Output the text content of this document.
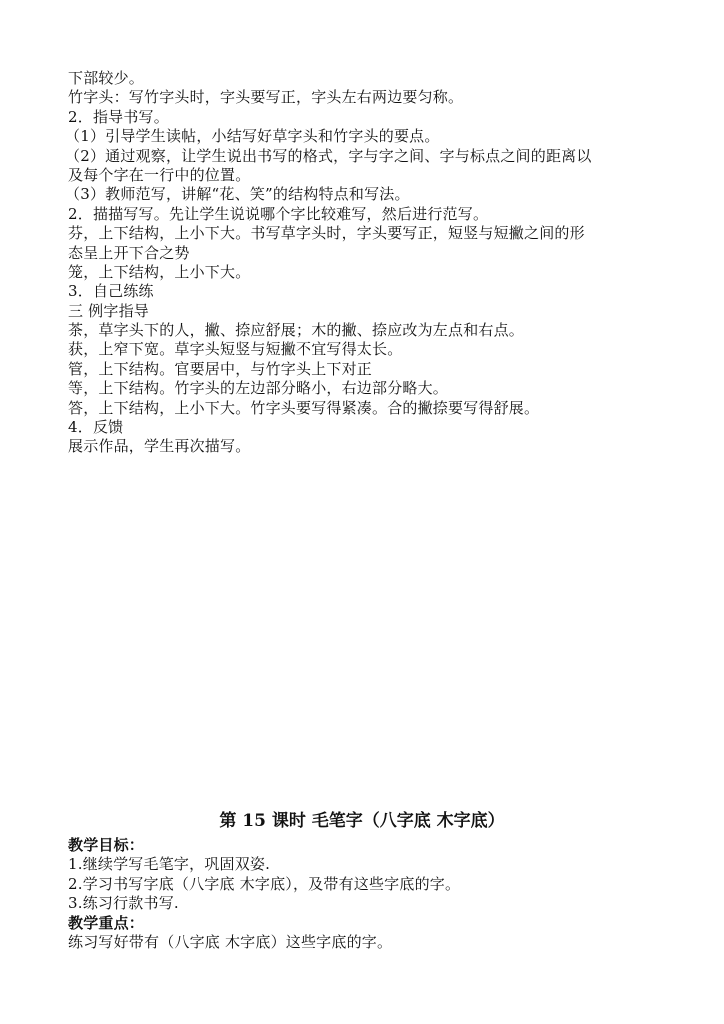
下部较少。
竹字头：写竹字头时，字头要写正，字头左右两边要匀称。
2．指导书写。
（1）引导学生读帖，小结写好草字头和竹字头的要点。
（2）通过观察，让学生说出书写的格式，字与字之间、字与标点之间的距离以
及每个字在一行中的位置。
（3）教师范写，讲解“花、笑”的结构特点和写法。
2．描描写写。先让学生说说哪个字比较难写，然后进行范写。
芬，上下结构，上小下大。书写草字头时，字头要写正，短竖与短撇之间的形
态呈上开下合之势
笼，上下结构，上小下大。
3．自己练练
三 例字指导
茶，草字头下的人，撇、捺应舒展；木的撇、捺应改为左点和右点。
获，上窄下宽。草字头短竖与短撇不宜写得太长。
管，上下结构。官要居中，与竹字头上下对正
等，上下结构。竹字头的左边部分略小，右边部分略大。
答，上下结构，上小下大。竹字头要写得紧凑。合的撇捺要写得舒展。
4．反馈
展示作品，学生再次描写。
第 15 课时 毛笔字（八字底 木字底）
教学目标：
1.继续学写毛笔字，巩固双姿.
2.学习书写字底（八字底 木字底），及带有这些字底的字。
3.练习行款书写.
教学重点：
练习写好带有（八字底 木字底）这些字底的字。
